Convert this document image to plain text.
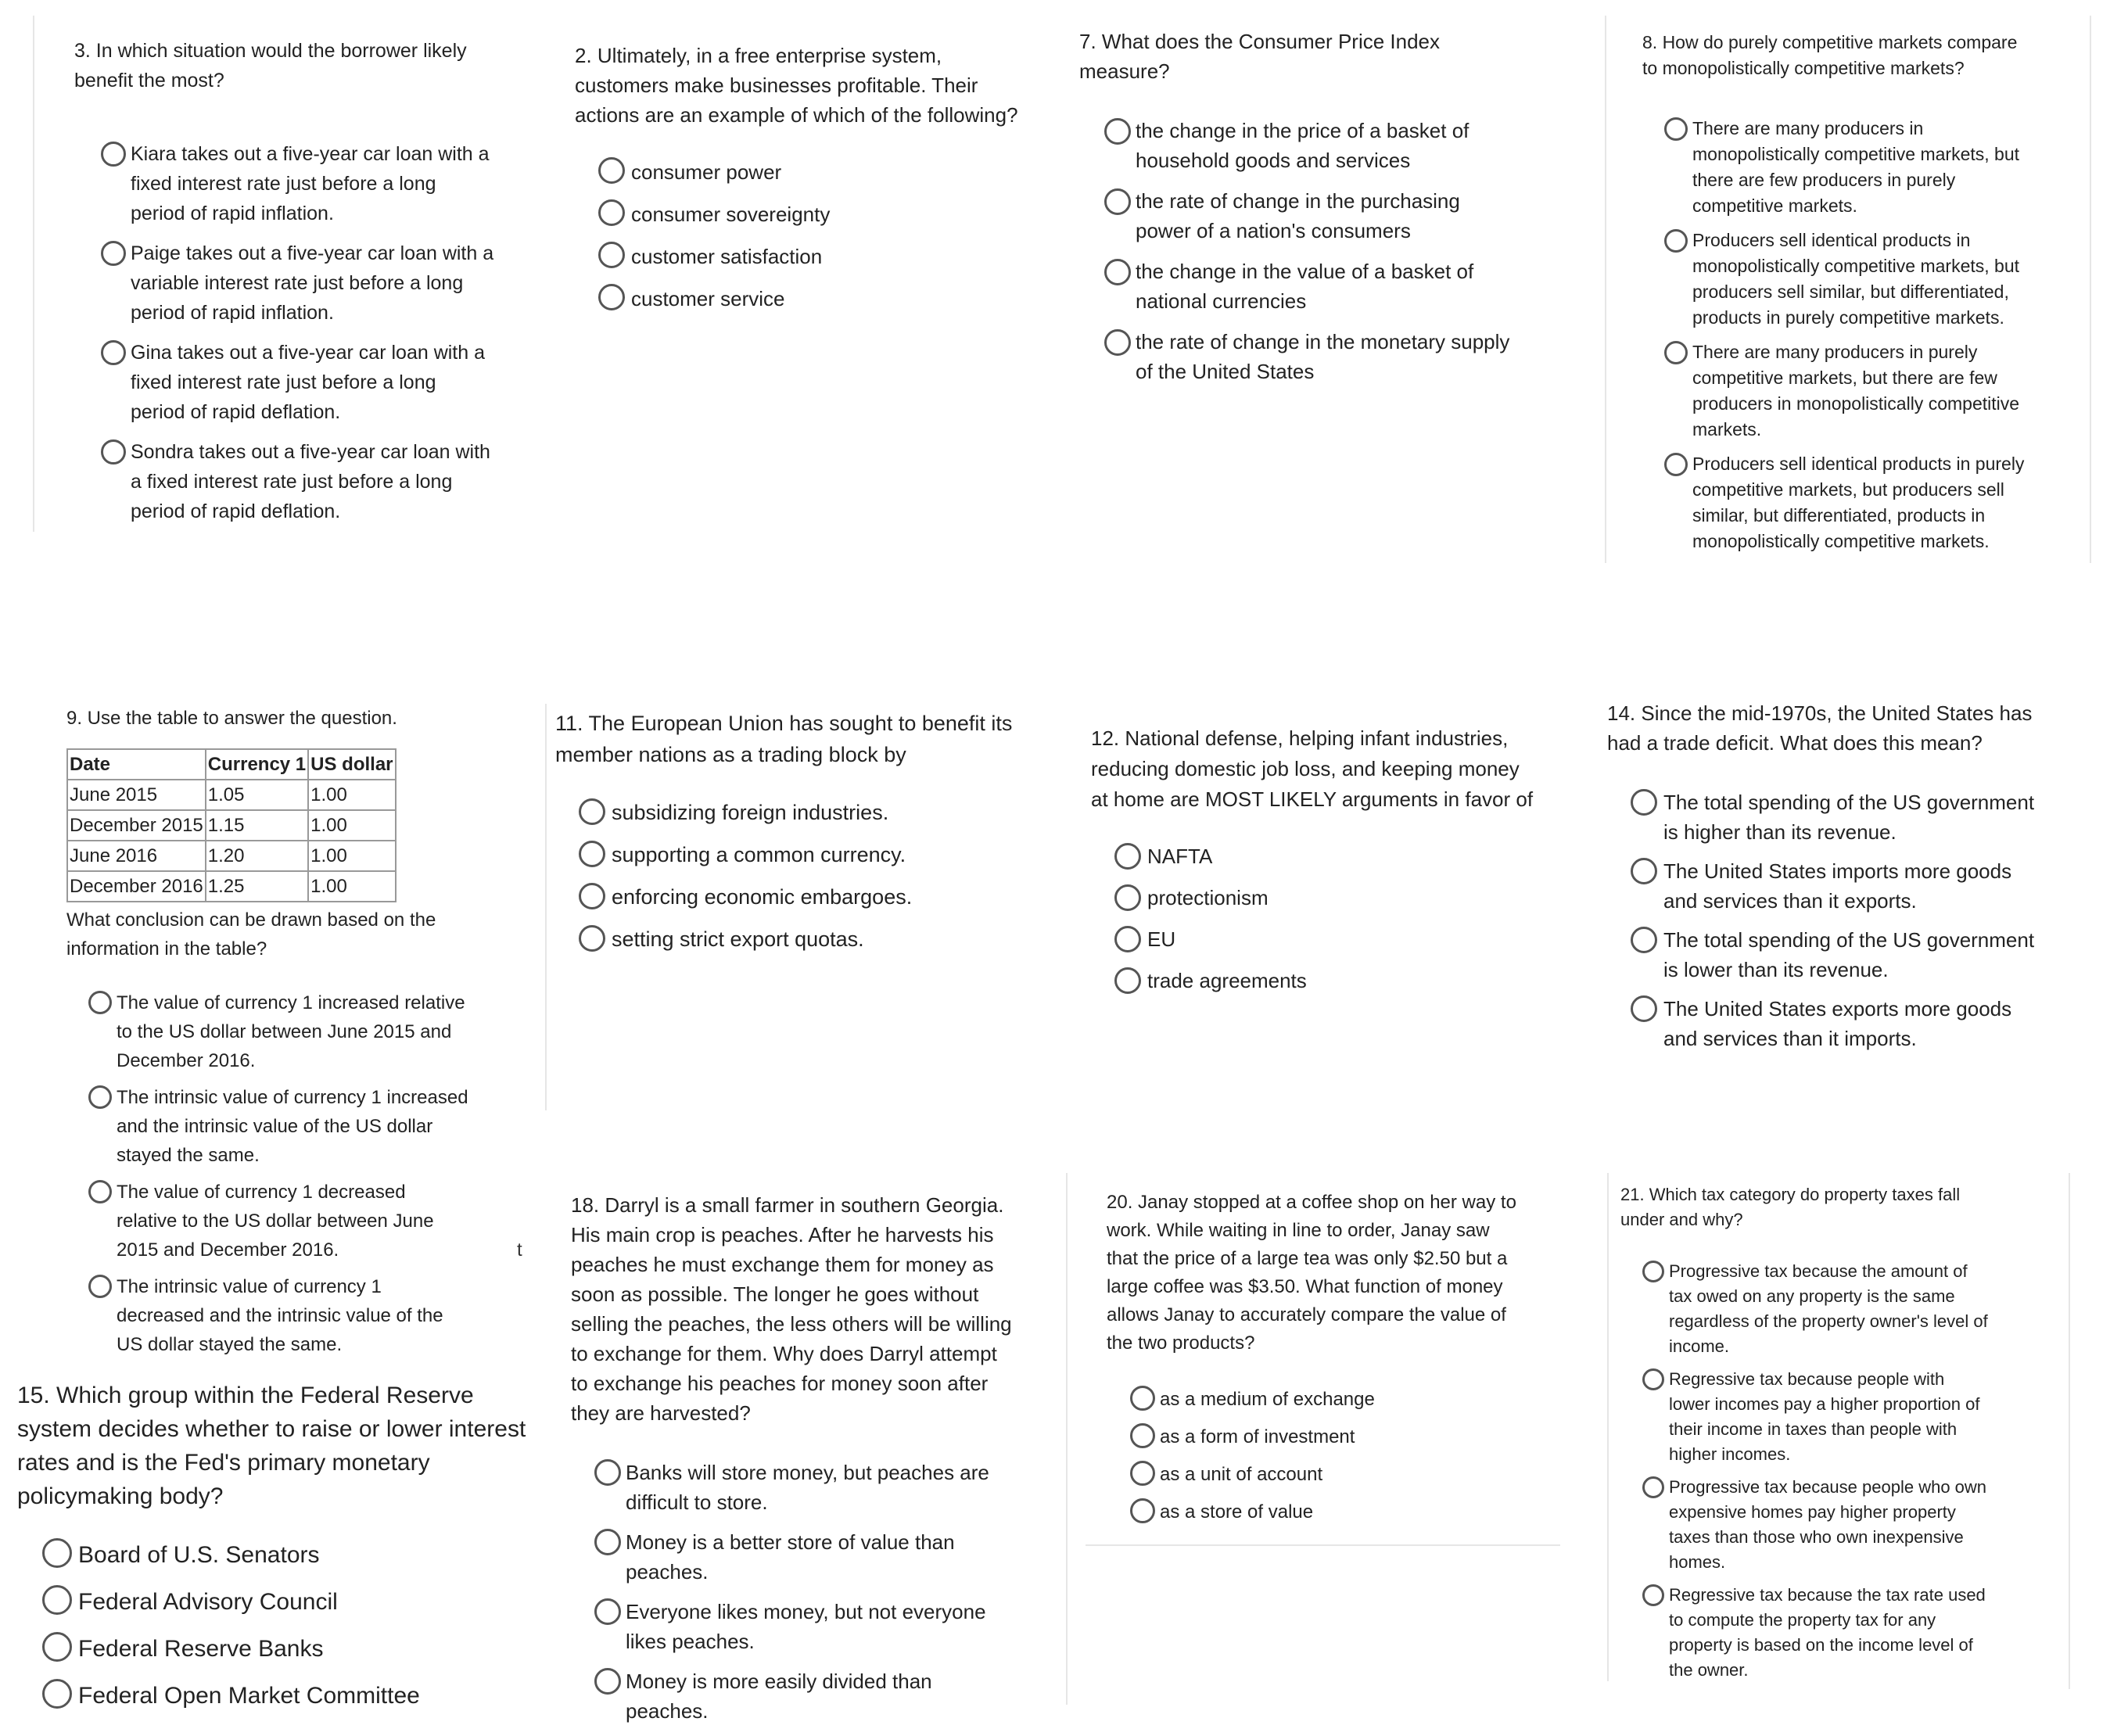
t

3. In which situation would the borrower likely
benefit the most?

Kiara takes out a five-year car loan with a
fixed interest rate just before a long
period of rapid inflation.
Paige takes out a five-year car loan with a
variable interest rate just before a long
period of rapid inflation.
Gina takes out a five-year car loan with a
fixed interest rate just before a long
period of rapid deflation.
Sondra takes out a five-year car loan with
a fixed interest rate just before a long
period of rapid deflation.

2. Ultimately, in a free enterprise system,
customers make businesses profitable. Their
actions are an example of which of the following?

consumer power
consumer sovereignty
customer satisfaction
customer service

7. What does the Consumer Price Index
measure?

the change in the price of a basket of
household goods and services
the rate of change in the purchasing
power of a nation's consumers
the change in the value of a basket of
national currencies
the rate of change in the monetary supply
of the United States

8. How do purely competitive markets compare
to monopolistically competitive markets?

There are many producers in
monopolistically competitive markets, but
there are few producers in purely
competitive markets.
Producers sell identical products in
monopolistically competitive markets, but
producers sell similar, but differentiated,
products in purely competitive markets.
There are many producers in purely
competitive markets, but there are few
producers in monopolistically competitive
markets.
Producers sell identical products in purely
competitive markets, but producers sell
similar, but differentiated, products in
monopolistically competitive markets.

9. Use the table to answer the question.

Date	Currency 1	US dollar
June 2015	1.05	1.00
December 2015	1.15	1.00
June 2016	1.20	1.00
December 2016	1.25	1.00

What conclusion can be drawn based on the
information in the table?

The value of currency 1 increased relative
to the US dollar between June 2015 and
December 2016.
The intrinsic value of currency 1 increased
and the intrinsic value of the US dollar
stayed the same.
The value of currency 1 decreased
relative to the US dollar between June
2015 and December 2016.
The intrinsic value of currency 1
decreased and the intrinsic value of the
US dollar stayed the same.

11. The European Union has sought to benefit its
member nations as a trading block by

subsidizing foreign industries.
supporting a common currency.
enforcing economic embargoes.
setting strict export quotas.

12. National defense, helping infant industries,
reducing domestic job loss, and keeping money
at home are MOST LIKELY arguments in favor of

NAFTA
protectionism
EU
trade agreements

14. Since the mid-1970s, the United States has
had a trade deficit. What does this mean?

The total spending of the US government
is higher than its revenue.
The United States imports more goods
and services than it exports.
The total spending of the US government
is lower than its revenue.
The United States exports more goods
and services than it imports.

15. Which group within the Federal Reserve
system decides whether to raise or lower interest
rates and is the Fed's primary monetary
policymaking body?

Board of U.S. Senators
Federal Advisory Council
Federal Reserve Banks
Federal Open Market Committee

18. Darryl is a small farmer in southern Georgia.
His main crop is peaches. After he harvests his
peaches he must exchange them for money as
soon as possible. The longer he goes without
selling the peaches, the less others will be willing
to exchange for them. Why does Darryl attempt
to exchange his peaches for money soon after
they are harvested?

Banks will store money, but peaches are
difficult to store.
Money is a better store of value than
peaches.
Everyone likes money, but not everyone
likes peaches.
Money is more easily divided than
peaches.

20. Janay stopped at a coffee shop on her way to
work. While waiting in line to order, Janay saw
that the price of a large tea was only $2.50 but a
large coffee was $3.50. What function of money
allows Janay to accurately compare the value of
the two products?

as a medium of exchange
as a form of investment
as a unit of account
as a store of value

21. Which tax category do property taxes fall
under and why?

Progressive tax because the amount of
tax owed on any property is the same
regardless of the property owner's level of
income.
Regressive tax because people with
lower incomes pay a higher proportion of
their income in taxes than people with
higher incomes.
Progressive tax because people who own
expensive homes pay higher property
taxes than those who own inexpensive
homes.
Regressive tax because the tax rate used
to compute the property tax for any
property is based on the income level of
the owner.
